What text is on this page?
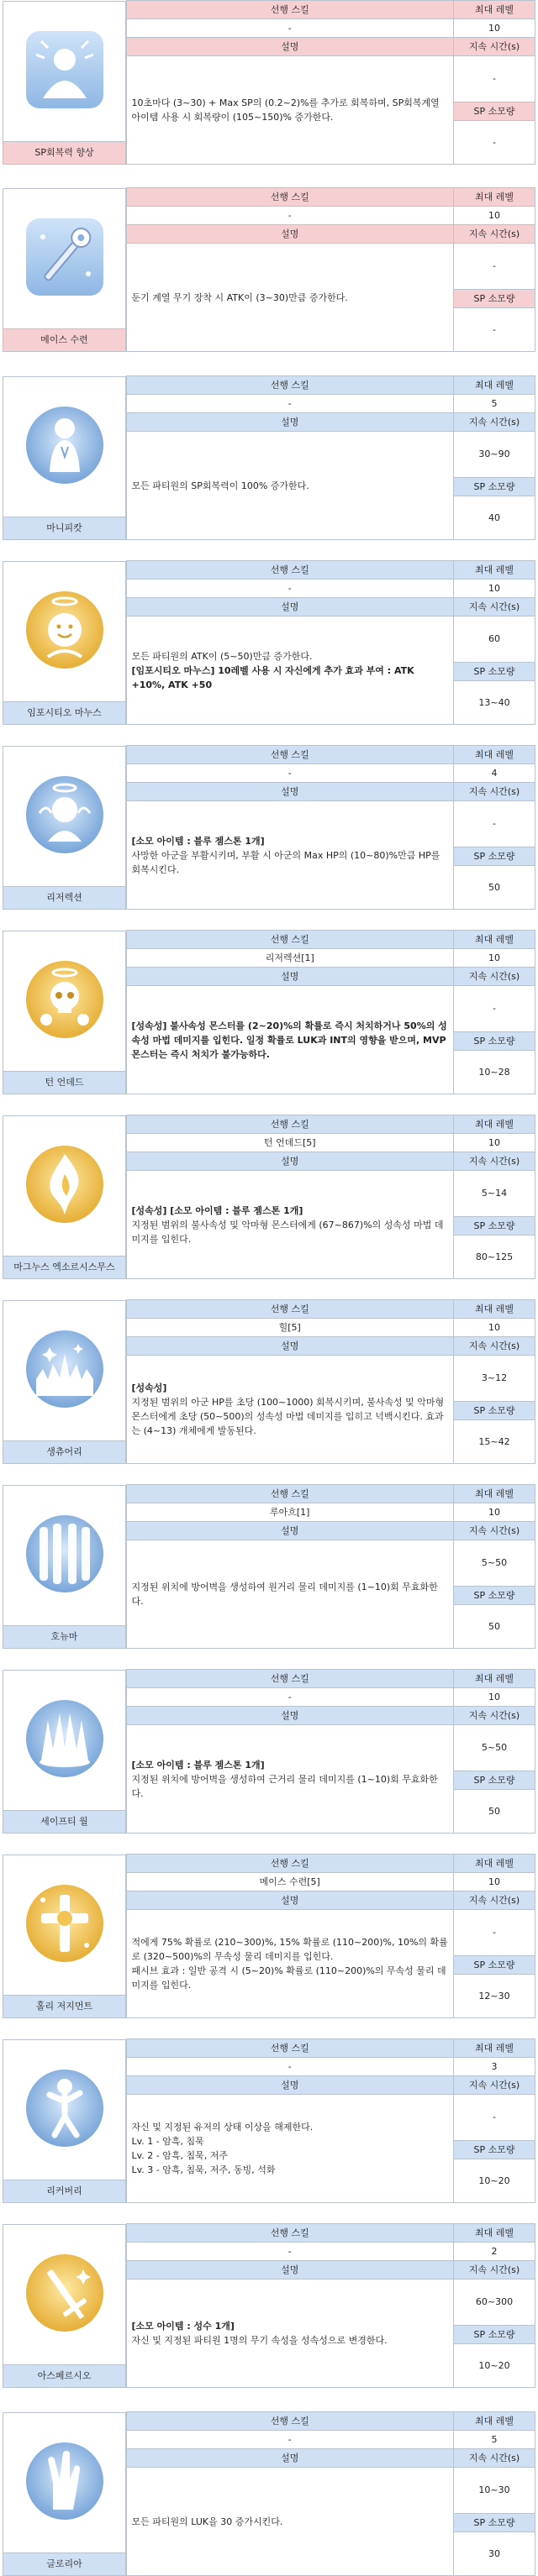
SP회복력 향상	선행 스킬	최대 레벨
	-	10
	설명	지속 시간(s)

	10초마다 (3~30) + Max SP의 (0.2~2)%를 추가로 회복하며, SP회복계열 아이템 사용 시 회복량이 (105~150)% 증가한다.	-
		SP 소모량
		-
메이스 수련	선행 스킬	최대 레벨
	-	10
	설명	지속 시간(s)

	둔기 계열 무기 장착 시 ATK이 (3~30)만큼 증가한다.	-
		SP 소모량
		-
마니피캇	선행 스킬	최대 레벨
	-	5
	설명	지속 시간(s)

	모든 파티원의 SP회복력이 100% 증가한다.	30~90
		SP 소모량
		40
임포시티오 마누스	선행 스킬	최대 레벨
	-	10
	설명	지속 시간(s)

	모든 파티원의 ATK이 (5~50)만큼 증가한다.
[임포시티오 마누스] 10레벨 사용 시 자신에게 추가 효과 부여 : ATK +10%, ATK +50	60
		SP 소모량
		13~40
리저렉션	선행 스킬	최대 레벨
	-	4
	설명	지속 시간(s)

	[소모 아이템 : 블루 젬스톤 1개]
사망한 아군을 부활시키며, 부활 시 아군의 Max HP의 (10~80)%만큼 HP를 회복시킨다.	-
		SP 소모량
		50
턴 언데드	선행 스킬	최대 레벨
	리저렉션[1]	10
	설명	지속 시간(s)

	[성속성] 불사속성 몬스터를 (2~20)%의 확률로 즉시 처치하거나 50%의 성속성 마법 데미지를 입힌다. 일정 확률로 LUK과 INT의 영향을 받으며, MVP 몬스터는 즉시 처치가 불가능하다.	-
		SP 소모량
		10~28
마그누스 엑소르시스무스	선행 스킬	최대 레벨
	턴 언데드[5]	10
	설명	지속 시간(s)

	[성속성] [소모 아이템 : 블루 젬스톤 1개]
지정된 범위의 불사속성 및 악마형 몬스터에게 (67~867)%의 성속성 마법 데미지를 입힌다.	5~14
		SP 소모량
		80~125
생츄어리	선행 스킬	최대 레벨
	힐[5]	10
	설명	지속 시간(s)

	[성속성]
지정된 범위의 아군 HP를 초당 (100~1000) 회복시키며, 불사속성 및 악마형 몬스터에게 초당 (50~500)의 성속성 마법 데미지를 입히고 넉백시킨다. 효과는 (4~13) 개체에게 발동된다.	3~12
		SP 소모량
		15~42
호뉴마	선행 스킬	최대 레벨
	루아흐[1]	10
	설명	지속 시간(s)

	지정된 위치에 방어벽을 생성하여 원거리 물리 데미지를 (1~10)회 무효화한다.	5~50
		SP 소모량
		50
세이프티 월	선행 스킬	최대 레벨
	-	10
	설명	지속 시간(s)

	[소모 아이템 : 블루 젬스톤 1개]
지정된 위치에 방어벽을 생성하여 근거리 물리 데미지를 (1~10)회 무효화한다.	5~50
		SP 소모량
		50
홀리 저지먼트	선행 스킬	최대 레벨
	메이스 수련[5]	10
	설명	지속 시간(s)

	적에게 75% 확률로 (210~300)%, 15% 확률로 (110~200)%, 10%의 확률로 (320~500)%의 무속성 물리 데미지를 입힌다.
패시브 효과 : 일반 공격 시 (5~20)% 확률로 (110~200)%의 무속성 물리 데미지를 입힌다.	-
		SP 소모량
		12~30
리커버리	선행 스킬	최대 레벨
	-	3
	설명	지속 시간(s)

	자신 및 지정된 유저의 상태 이상을 해제한다.
Lv. 1 - 암흑, 침묵
Lv. 2 - 암흑, 침묵, 저주
Lv. 3 - 암흑, 침묵, 저주, 동빙, 석화	-
		SP 소모량
		10~20
아스페르시오	선행 스킬	최대 레벨
	-	2
	설명	지속 시간(s)

	[소모 아이템 : 성수 1개]
자신 및 지정된 파티원 1명의 무기 속성을 성속성으로 변경한다.	60~300
		SP 소모량
		10~20
글로리아	선행 스킬	최대 레벨
	-	5
	설명	지속 시간(s)

	모든 파티원의 LUK을 30 증가시킨다.	10~30
		SP 소모량
		30
